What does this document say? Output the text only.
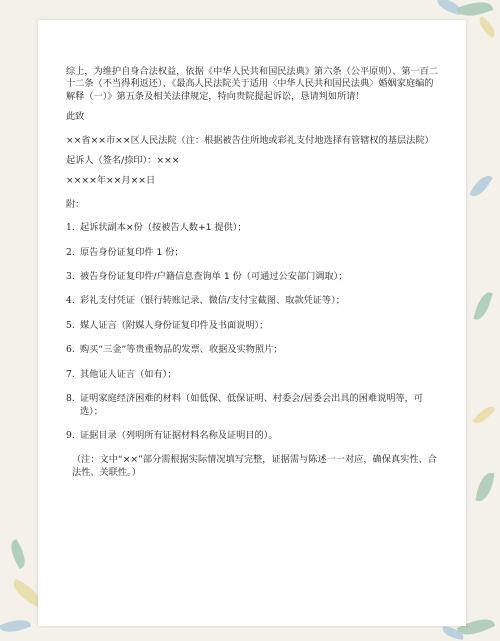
综上，为维护自身合法权益，依据《中华人民共和国民法典》第六条（公平原则）、第一百二十二条（不当得利返还）、《最高人民法院关于适用〈中华人民共和国民法典〉婚姻家庭编的解释（一）》第五条及相关法律规定，特向贵院提起诉讼，恳请判如所请！

此致

××省××市××区人民法院（注：根据被告住所地或彩礼支付地选择有管辖权的基层法院）

起诉人（签名/捺印）：×××

××××年××月××日

附：

1. 起诉状副本×份（按被告人数+1 提供）；
2. 原告身份证复印件 1 份；
3. 被告身份证复印件/户籍信息查询单 1 份（可通过公安部门调取）；
4. 彩礼支付凭证（银行转账记录、微信/支付宝截图、取款凭证等）；
5. 媒人证言（附媒人身份证复印件及书面说明）；
6. 购买“三金”等贵重物品的发票、收据及实物照片；
7. 其他证人证言（如有）；
8. 证明家庭经济困难的材料（如低保、低保证明、村委会/居委会出具的困难说明等，可选）；
9. 证据目录（列明所有证据材料名称及证明目的）。

（注：文中“××”部分需根据实际情况填写完整，证据需与陈述一一对应，确保真实性、合法性、关联性。）
